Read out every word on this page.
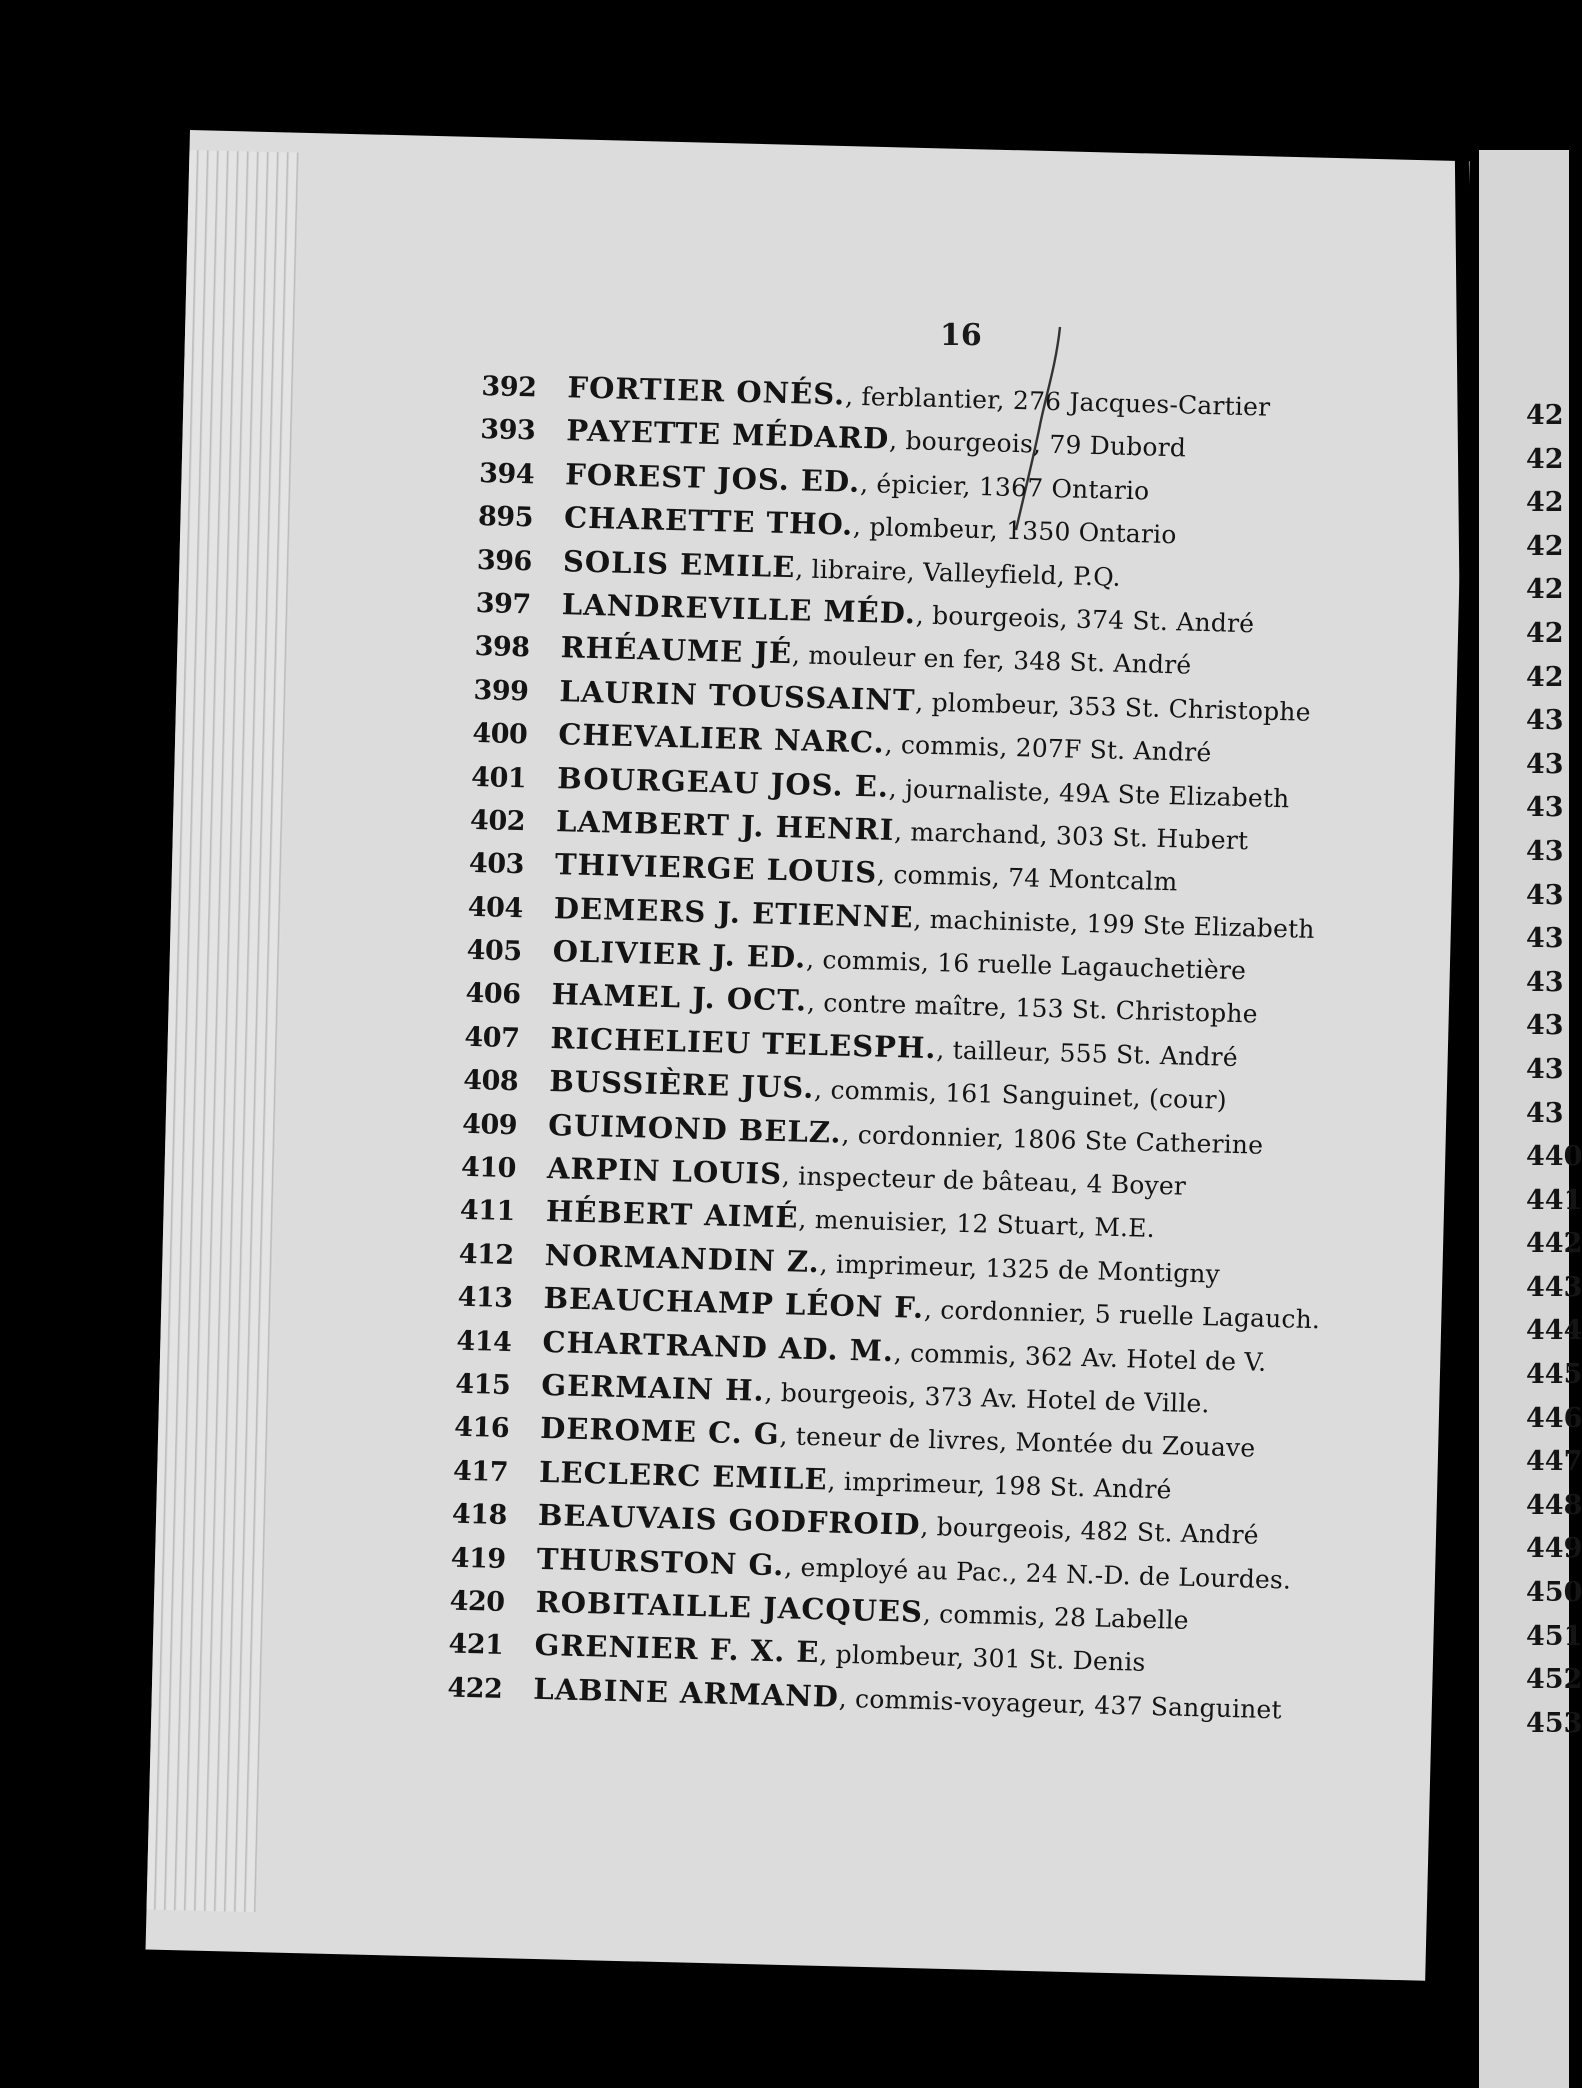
16
392	FORTIER ONÉS. , ferblantier, 276 Jacques-Cartier
393	PAYETTE MÉDARD , bourgeois, 79 Dubord
394	FOREST JOS. ED. , épicier, 1367 Ontario
895	CHARETTE THO. , plombeur, 1350 Ontario
396	SOLIS EMILE , libraire, Valleyfield, P.Q.
397	LANDREVILLE MÉD. , bourgeois, 374 St. André
398	RHÉAUME JÉ , mouleur en fer, 348 St. André
399	LAURIN TOUSSAINT , plombeur, 353 St. Christophe
400	CHEVALIER NARC. , commis, 207F St. André
401	BOURGEAU JOS. E. , journaliste, 49A Ste Elizabeth
402	LAMBERT J. HENRI , marchand, 303 St. Hubert
403	THIVIERGE LOUIS , commis, 74 Montcalm
404	DEMERS J. ETIENNE , machiniste, 199 Ste Elizabeth
405	OLIVIER J. ED. , commis, 16 ruelle Lagauchetière
406	HAMEL J. OCT. , contre maître, 153 St. Christophe
407	RICHELIEU TELESPH. , tailleur, 555 St. André
408	BUSSIÈRE JUS. , commis, 161 Sanguinet, (cour)
409	GUIMOND BELZ. , cordonnier, 1806 Ste Catherine
410	ARPIN LOUIS , inspecteur de bâteau, 4 Boyer
411	HÉBERT AIMÉ , menuisier, 12 Stuart, M.E.
412	NORMANDIN Z. , imprimeur, 1325 de Montigny
413	BEAUCHAMP LÉON F. , cordonnier, 5 ruelle Lagauch.
414	CHARTRAND AD. M. , commis, 362 Av. Hotel de V.
415	GERMAIN H. , bourgeois, 373 Av. Hotel de Ville.
416	DEROME C. G , teneur de livres, Montée du Zouave
417	LECLERC EMILE , imprimeur, 198 St. André
418	BEAUVAIS GODFROID , bourgeois, 482 St. André
419	THURSTON G. , employé au Pac., 24 N.-D. de Lourdes.
420	ROBITAILLE JACQUES , commis, 28 Labelle
421	GRENIER F. X. E , plombeur, 301 St. Denis
422	LABINE ARMAND , commis-voyageur, 437 Sanguinet
42
42
42
42
42
42
42
43
43
43
43
43
43
43
43
43
43
440
441
442
443
444
445
446
447
448
449
450
451
452
453
